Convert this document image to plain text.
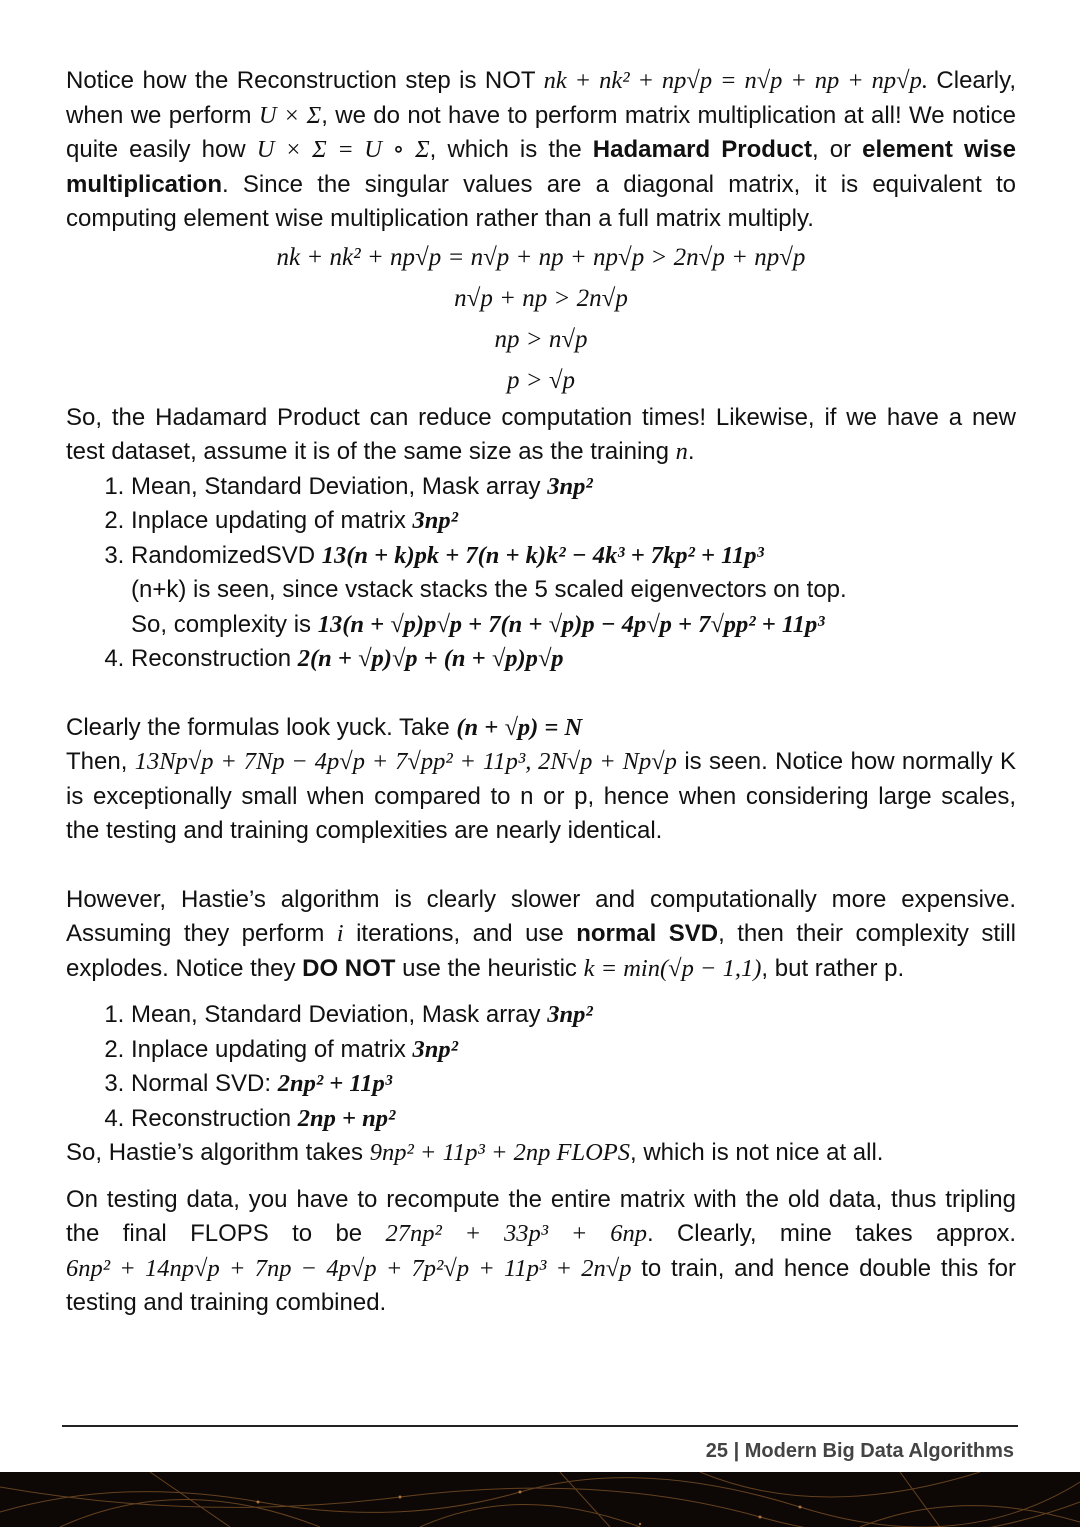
Notice how the Reconstruction step is NOT nk + nk² + np√p = n√p + np + np√p. Clearly, when we perform U × Σ, we do not have to perform matrix multiplication at all! We notice quite easily how U × Σ = U ∘ Σ, which is the Hadamard Product, or element wise multiplication. Since the singular values are a diagonal matrix, it is equivalent to computing element wise multiplication rather than a full matrix multiply.

nk + nk² + np√p = n√p + np + np√p > 2n√p + np√p
n√p + np > 2n√p
np > n√p
p > √p

So, the Hadamard Product can reduce computation times! Likewise, if we have a new test dataset, assume it is of the same size as the training n.

1. Mean, Standard Deviation, Mask array 3np²
2. Inplace updating of matrix 3np²
3. RandomizedSVD 13(n + k)pk + 7(n + k)k² − 4k³ + 7kp² + 11p³
(n+k) is seen, since vstack stacks the 5 scaled eigenvectors on top.
So, complexity is 13(n + √p)p√p + 7(n + √p)p − 4p√p + 7√pp² + 11p³
4. Reconstruction 2(n + √p)√p + (n + √p)p√p

Clearly the formulas look yuck. Take (n + √p) = N

Then, 13Np√p + 7Np − 4p√p + 7√pp² + 11p³, 2N√p + Np√p is seen. Notice how normally K is exceptionally small when compared to n or p, hence when considering large scales, the testing and training complexities are nearly identical.

However, Hastie’s algorithm is clearly slower and computationally more expensive. Assuming they perform i iterations, and use normal SVD, then their complexity still explodes. Notice they DO NOT use the heuristic k = min(√p − 1,1), but rather p.

1. Mean, Standard Deviation, Mask array 3np²
2. Inplace updating of matrix 3np²
3. Normal SVD: 2np² + 11p³
4. Reconstruction 2np + np²

So, Hastie’s algorithm takes 9np² + 11p³ + 2np FLOPS, which is not nice at all.

On testing data, you have to recompute the entire matrix with the old data, thus tripling the final FLOPS to be 27np² + 33p³ + 6np. Clearly, mine takes approx. 6np² + 14np√p + 7np − 4p√p + 7p²√p + 11p³ + 2n√p to train, and hence double this for testing and training combined.

25 | Modern Big Data Algorithms
